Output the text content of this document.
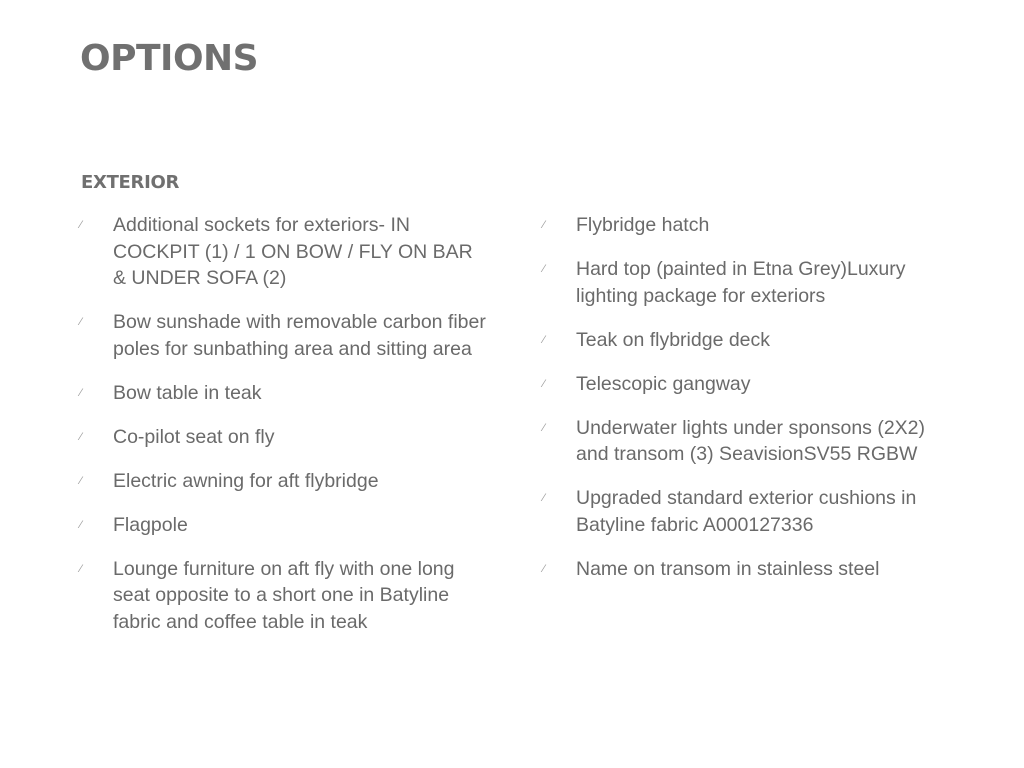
OPTIONS
EXTERIOR
⁄ Additional sockets for exteriors- IN COCKPIT (1) / 1 ON BOW / FLY ON BAR & UNDER SOFA (2)
⁄ Bow sunshade with removable carbon fiber poles for sunbathing area and sitting area
⁄ Bow table in teak
⁄ Co-pilot seat on fly
⁄ Electric awning for aft flybridge
⁄ Flagpole
⁄ Lounge furniture on aft fly with one long seat opposite to a short one in Batyline fabric and coffee table in teak
⁄ Flybridge hatch
⁄ Hard top (painted in Etna Grey)Luxury lighting package for exteriors
⁄ Teak on flybridge deck
⁄ Telescopic gangway
⁄ Underwater lights under sponsons (2X2) and transom (3) SeavisionSV55 RGBW
⁄ Upgraded standard exterior cushions in Batyline fabric A000127336
⁄ Name on transom in stainless steel
